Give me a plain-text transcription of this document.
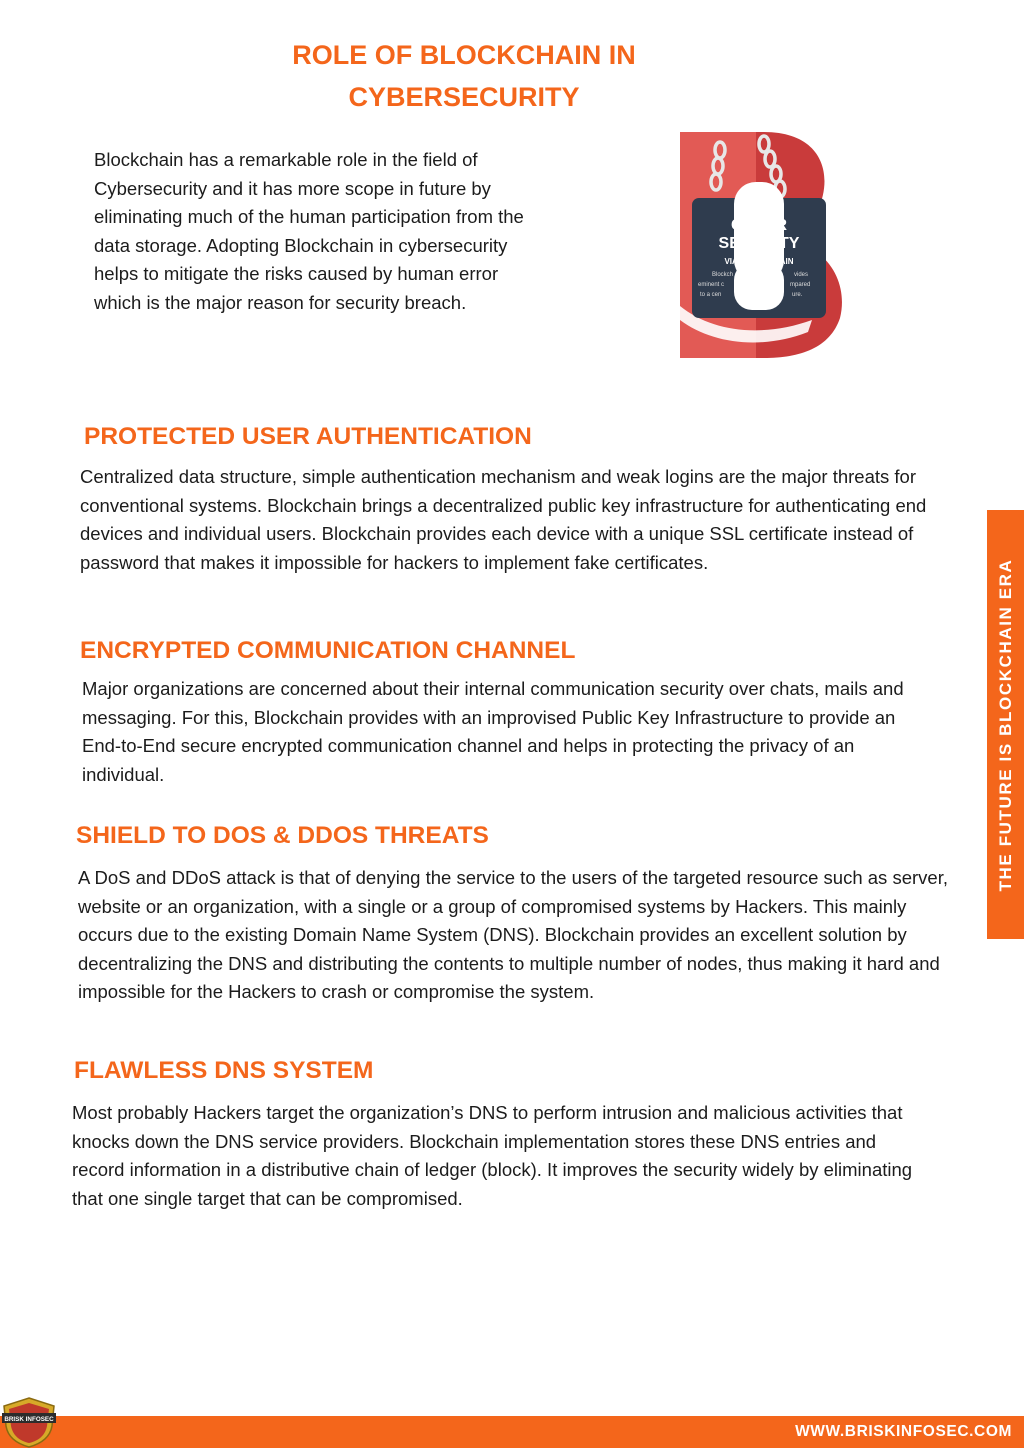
ROLE OF BLOCKCHAIN IN
CYBERSECURITY

Blockchain has a remarkable role in the field of Cybersecurity and it has more scope in future by eliminating much of the human participation from the data storage. Adopting Blockchain in cybersecurity helps to mitigate the risks caused by human error which is the major reason for security breach.

CYBER
SECURITY
VIA BLOCKCHAIN
Blockch	vides
eminent c	mpared
to a cen	ure.
PROTECTED USER AUTHENTICATION

Centralized data structure, simple authentication mechanism and weak logins are the major threats for conventional systems. Blockchain brings a decentralized public key infrastructure for authenticating end devices and individual users. Blockchain provides each device with a unique SSL certificate instead of password that makes it impossible for hackers to implement fake certificates.

ENCRYPTED COMMUNICATION CHANNEL

Major organizations are concerned about their internal communication security over chats, mails and messaging. For this, Blockchain provides with an improvised Public Key Infrastructure to provide an End-to-End secure encrypted communication channel and helps in protecting the privacy of an individual.

SHIELD TO DOS & DDOS THREATS

A DoS and DDoS attack is that of denying the service to the users of the targeted resource such as server, website or an organization, with a single or a group of compromised systems by Hackers. This mainly occurs due to the existing Domain Name System (DNS). Blockchain provides an excellent solution by decentralizing the DNS and distributing the contents to multiple number of nodes, thus making it hard and impossible for the Hackers to crash or compromise the system.

FLAWLESS DNS SYSTEM

Most probably Hackers target the organization’s DNS to perform intrusion and malicious activities that knocks down the DNS service providers. Blockchain implementation stores these DNS entries and record information in a distributive chain of ledger (block). It improves the security widely by eliminating that one single target that can be compromised.

THE FUTURE IS BLOCKCHAIN ERA
WWW.BRISKINFOSEC.COM
BRISK INFOSEC
